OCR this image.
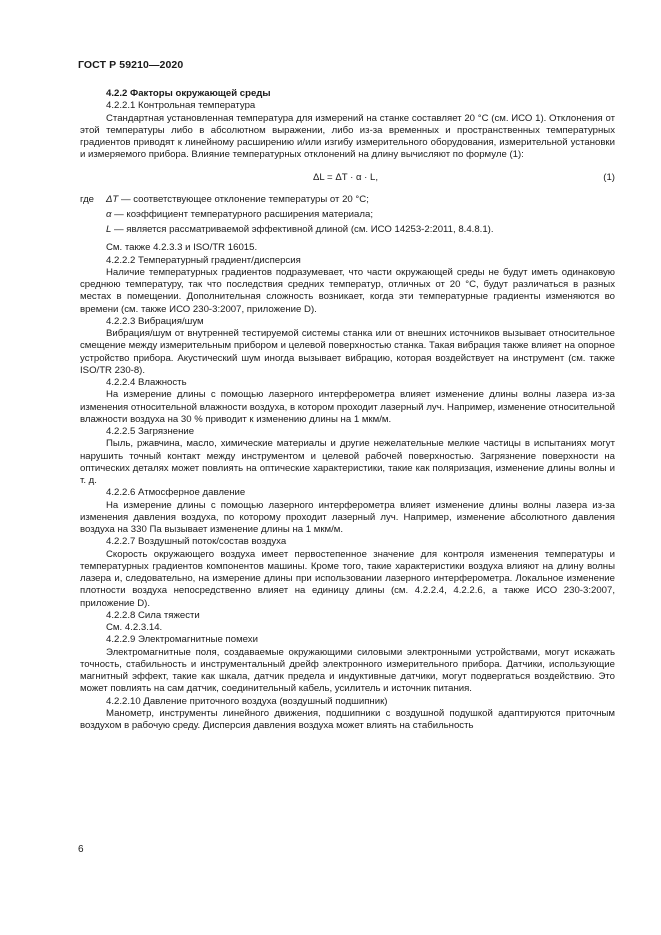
ГОСТ Р 59210—2020

4.2.2 Факторы окружающей среды

4.2.2.1 Контрольная температура

Стандартная установленная температура для измерений на станке составляет 20 °С (см. ИСО 1). Отклонения от этой температуры либо в абсолютном выражении, либо из-за временных и пространственных температурных градиентов приводят к линейному расширению и/или изгибу измерительного оборудования, измерительной установки и измеряемого прибора. Влияние температурных отклонений на длину вычисляют по формуле (1):

ΔL = ΔT · α · L,	(1)
где ΔT — соответствующее отклонение температуры от 20 °С;
α — коэффициент температурного расширения материала;
L — является рассматриваемой эффективной длиной (см. ИСО 14253-2:2011, 8.4.8.1).

См. также 4.2.3.3 и ISO/TR 16015.

4.2.2.2 Температурный градиент/дисперсия

Наличие температурных градиентов подразумевает, что части окружающей среды не будут иметь одинаковую среднюю температуру, так что последствия средних температур, отличных от 20 °С, будут различаться в разных местах в помещении. Дополнительная сложность возникает, когда эти температурные градиенты изменяются во времени (см. также ИСО 230-3:2007, приложение D).

4.2.2.3 Вибрация/шум

Вибрация/шум от внутренней тестируемой системы станка или от внешних источников вызывает относительное смещение между измерительным прибором и целевой поверхностью станка. Такая вибрация также влияет на опорное устройство прибора. Акустический шум иногда вызывает вибрацию, которая воздействует на инструмент (см. также ISO/TR 230-8).

4.2.2.4 Влажность

На измерение длины с помощью лазерного интерферометра влияет изменение длины волны лазера из-за изменения относительной влажности воздуха, в котором проходит лазерный луч. Например, изменение относительной влажности воздуха на 30 % приводит к изменению длины на 1 мкм/м.

4.2.2.5 Загрязнение

Пыль, ржавчина, масло, химические материалы и другие нежелательные мелкие частицы в испытаниях могут нарушить точный контакт между инструментом и целевой рабочей поверхностью. Загрязнение поверхности на оптических деталях может повлиять на оптические характеристики, такие как поляризация, изменение длины волны и т. д.

4.2.2.6 Атмосферное давление

На измерение длины с помощью лазерного интерферометра влияет изменение длины волны лазера из-за изменения давления воздуха, по которому проходит лазерный луч. Например, изменение абсолютного давления воздуха на 330 Па вызывает изменение длины на 1 мкм/м.

4.2.2.7 Воздушный поток/состав воздуха

Скорость окружающего воздуха имеет первостепенное значение для контроля изменения температуры и температурных градиентов компонентов машины. Кроме того, такие характеристики воздуха влияют на длину волны лазера и, следовательно, на измерение длины при использовании лазерного интерферометра. Локальное изменение плотности воздуха непосредственно влияет на единицу длины (см. 4.2.2.4, 4.2.2.6, а также ИСО 230-3:2007, приложение D).

4.2.2.8 Сила тяжести

См. 4.2.3.14.

4.2.2.9 Электромагнитные помехи

Электромагнитные поля, создаваемые окружающими силовыми электронными устройствами, могут искажать точность, стабильность и инструментальный дрейф электронного измерительного прибора. Датчики, использующие магнитный эффект, такие как шкала, датчик предела и индуктивные датчики, могут подвергаться воздействию. Это может повлиять на сам датчик, соединительный кабель, усилитель и источник питания.

4.2.2.10 Давление приточного воздуха (воздушный подшипник)

Манометр, инструменты линейного движения, подшипники с воздушной подушкой адаптируются приточным воздухом в рабочую среду. Дисперсия давления воздуха может влиять на стабильность

6
